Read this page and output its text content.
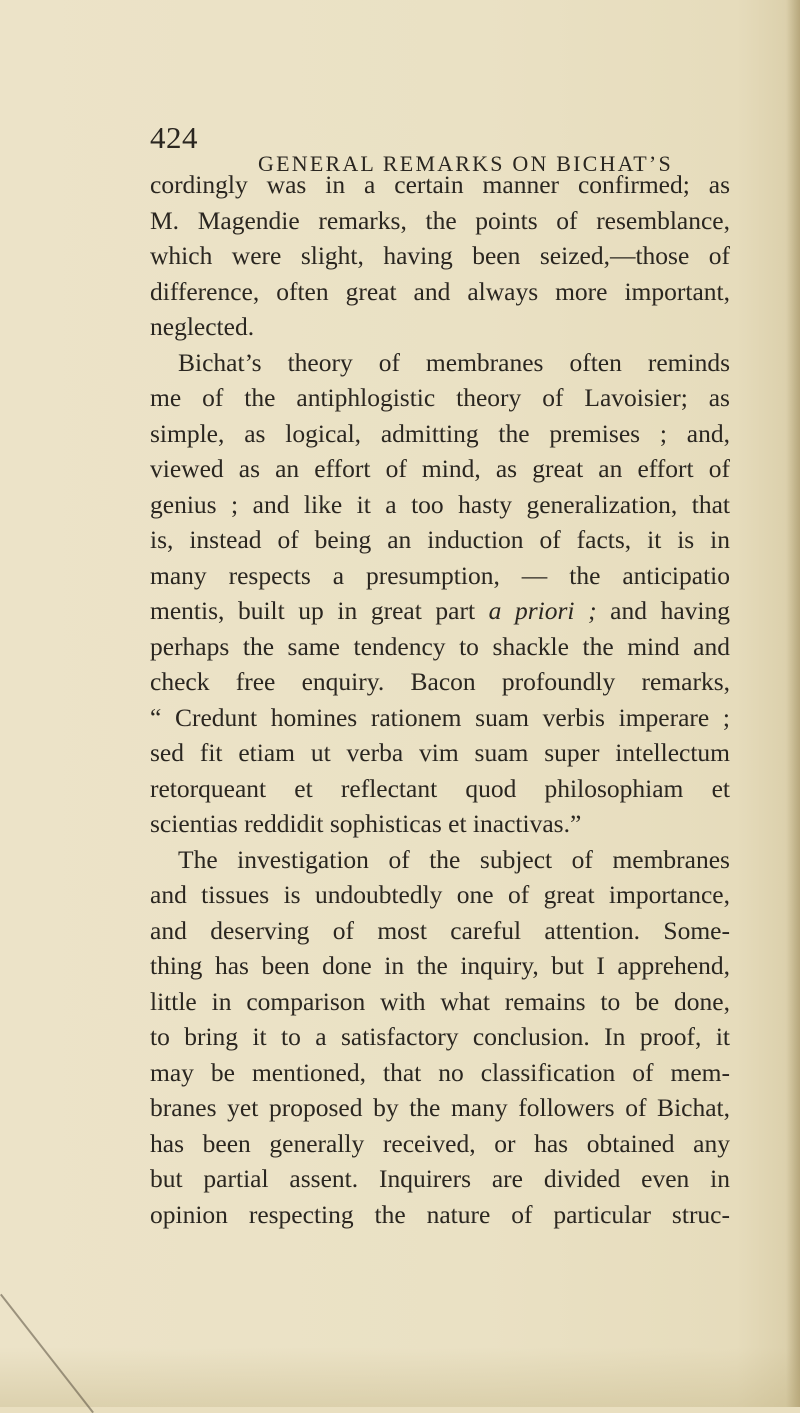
424
GENERAL REMARKS ON BICHAT’S
cordingly was in a certain manner confirmed; as
M. Magendie remarks, the points of resemblance,
which were slight, having been seized,—those of
difference, often great and always more important,
neglected.
Bichat’s theory of membranes often reminds
me of the antiphlogistic theory of Lavoisier; as
simple, as logical, admitting the premises ; and,
viewed as an effort of mind, as great an effort of
genius ; and like it a too hasty generalization, that
is, instead of being an induction of facts, it is in
many respects a presumption, — the anticipatio
mentis, built up in great part a priori ; and having
perhaps the same tendency to shackle the mind and
check free enquiry. Bacon profoundly remarks,
“ Credunt homines rationem suam verbis imperare ;
sed fit etiam ut verba vim suam super intellectum
retorqueant et reflectant quod philosophiam et
scientias reddidit sophisticas et inactivas.”
The investigation of the subject of membranes
and tissues is undoubtedly one of great importance,
and deserving of most careful attention. Some-
thing has been done in the inquiry, but I apprehend,
little in comparison with what remains to be done,
to bring it to a satisfactory conclusion. In proof, it
may be mentioned, that no classification of mem-
branes yet proposed by the many followers of Bichat,
has been generally received, or has obtained any
but partial assent. Inquirers are divided even in
opinion respecting the nature of particular struc-
